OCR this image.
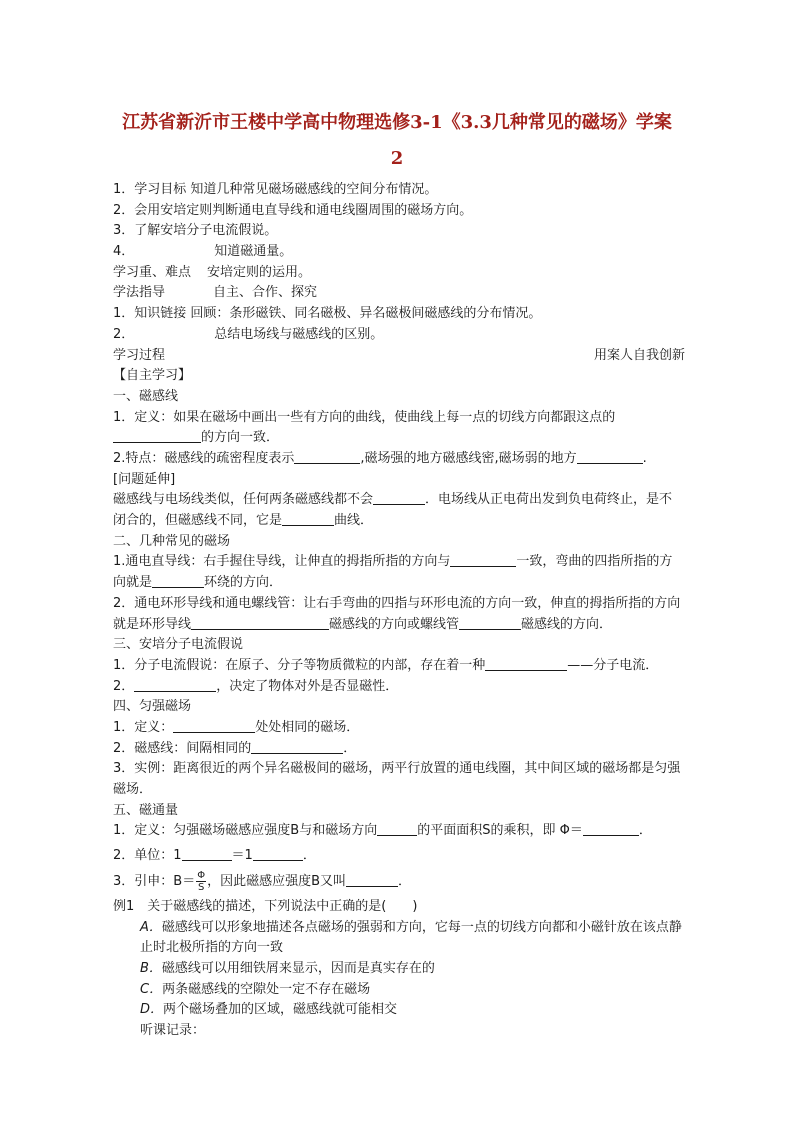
江苏省新沂市王楼中学高中物理选修3-1《3.3几种常见的磁场》学案
2
1．学习目标 知道几种常见磁场磁感线的空间分布情况。
2．会用安培定则判断通电直导线和通电线圈周围的磁场方向。
3．了解安培分子电流假说。
4．	知道磁通量。
学习重、难点 安培定则的运用。
学法指导	自主、合作、探究
1．知识链接 回顾：条形磁铁、同名磁极、异名磁极间磁感线的分布情况。
2．	总结电场线与磁感线的区别。
学习过程	用案人自我创新
【自主学习】
一、磁感线
1．定义：如果在磁场中画出一些有方向的曲线，使曲线上每一点的切线方向都跟这点的
的方向一致．
2.特点：磁感线的疏密程度表示	,磁场强的地方磁感线密,磁场弱的地方	.
[问题延伸]
磁感线与电场线类似，任何两条磁感线都不会	．电场线从正电荷出发到负电荷终止，是不闭合的，但磁感线不同，它是	曲线．
二、几种常见的磁场
1.通电直导线：右手握住导线，让伸直的拇指所指的方向与	一致，弯曲的四指所指的方向就是	环绕的方向．
2．通电环形导线和通电螺线管：让右手弯曲的四指与环形电流的方向一致，伸直的拇指所指的方向就是环形导线	磁感线的方向或螺线管	磁感线的方向．
三、安培分子电流假说
1．分子电流假说：在原子、分子等物质微粒的内部，存在着一种	——分子电流．
2．	，决定了物体对外是否显磁性．
四、匀强磁场
1．定义：	处处相同的磁场．
2．磁感线：间隔相同的	．
3．实例：距离很近的两个异名磁极间的磁场，两平行放置的通电线圈，其中间区域的磁场都是匀强磁场．
五、磁通量
1．定义：匀强磁场磁感应强度B与和磁场方向	的平面面积S的乘积，即 Φ＝	．
2．单位：1	＝1	．
3．引申：$B= \frac{\Phi}{S}$ ，因此磁感应强度B又叫	．
例1　关于磁感线的描述，下列说法中正确的是(　　)
A．磁感线可以形象地描述各点磁场的强弱和方向，它每一点的切线方向都和小磁针放在该点静止时北极所指的方向一致
B．磁感线可以用细铁屑来显示，因而是真实存在的
C．两条磁感线的空隙处一定不存在磁场
D．两个磁场叠加的区域，磁感线就可能相交
听课记录：
